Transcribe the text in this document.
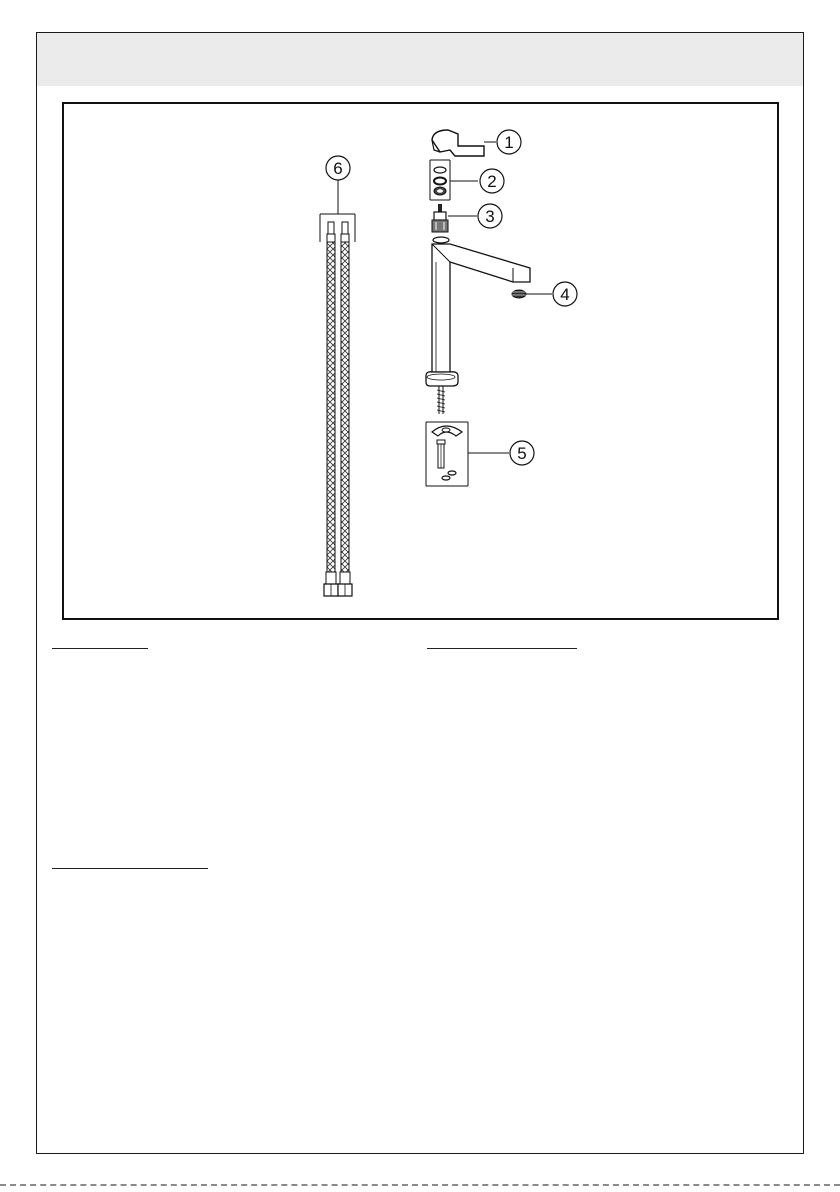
6
1
2
3
4
5
